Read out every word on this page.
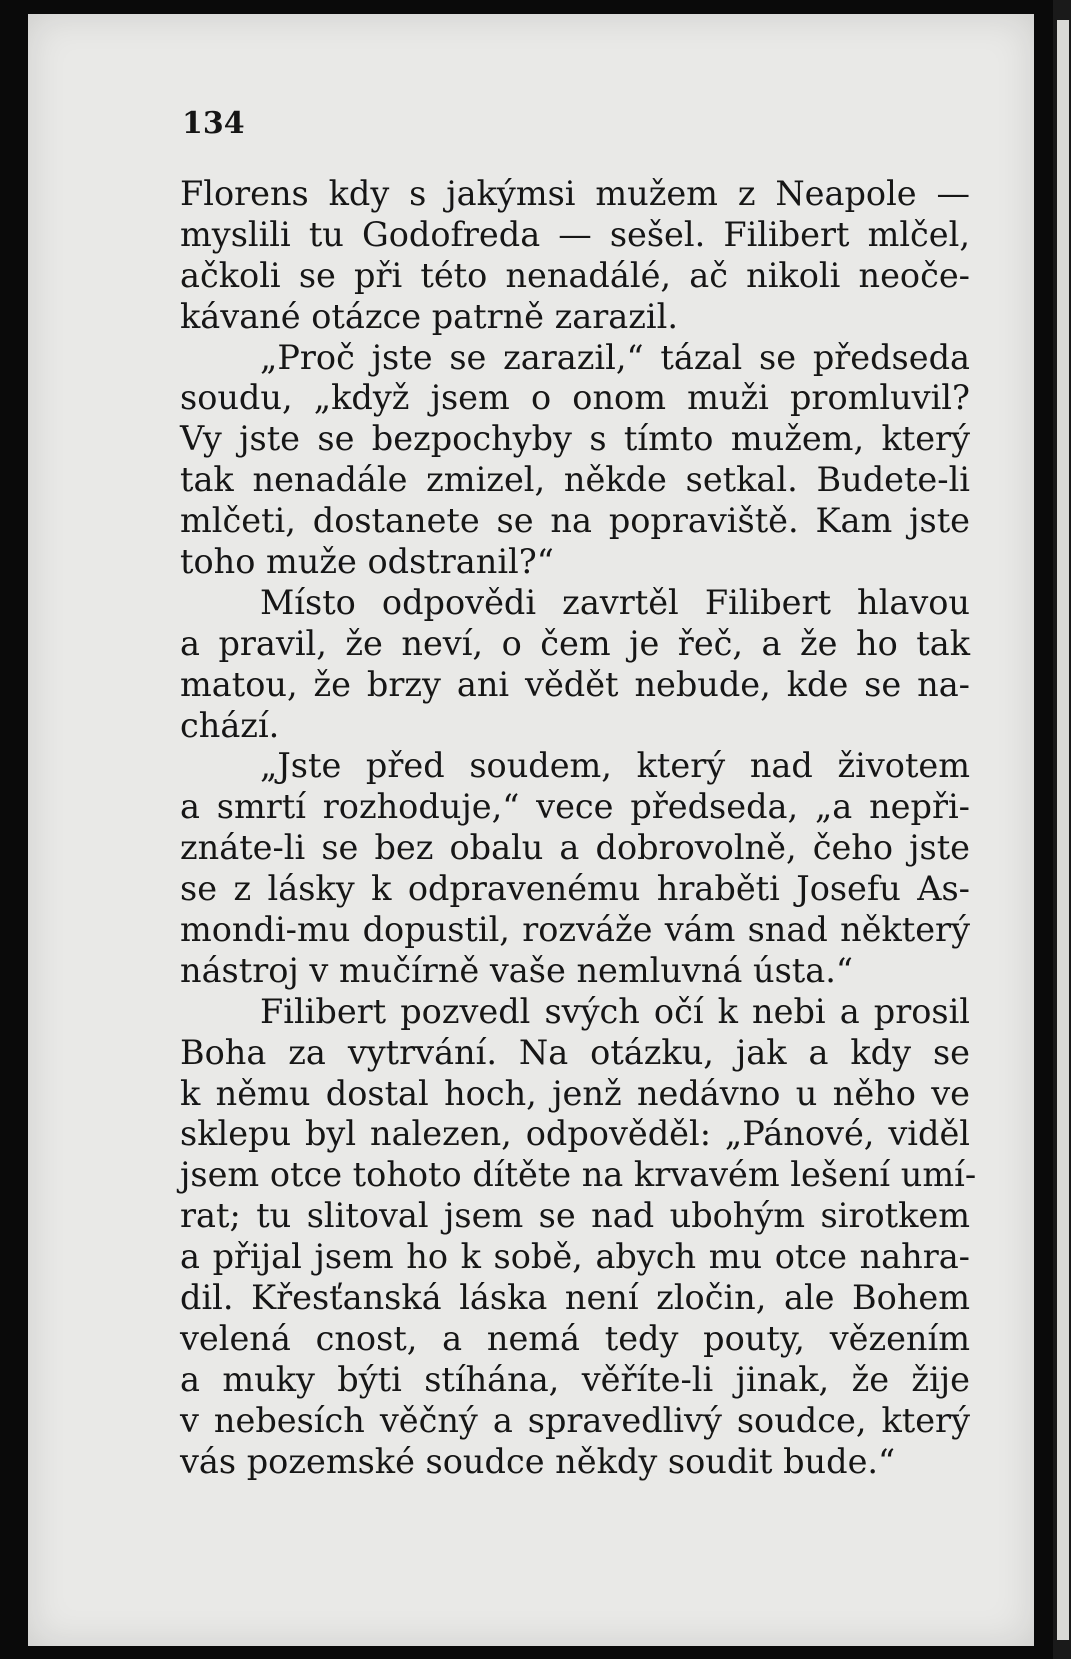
134
Florens kdy s jakýmsi mužem z Neapole —
myslili tu Godofreda — sešel. Filibert mlčel,
ačkoli se při této nenadálé, ač nikoli neoče-
kávané otázce patrně zarazil.
„Proč jste se zarazil,“ tázal se předseda
soudu, „když jsem o onom muži promluvil?
Vy jste se bezpochyby s tímto mužem, který
tak nenadále zmizel, někde setkal. Budete-li
mlčeti, dostanete se na popraviště. Kam jste
toho muže odstranil?“
Místo odpovědi zavrtěl Filibert hlavou
a pravil, že neví, o čem je řeč, a že ho tak
matou, že brzy ani vědět nebude, kde se na-
chází.
„Jste před soudem, který nad životem
a smrtí rozhoduje,“ vece předseda, „a nepři-
znáte-li se bez obalu a dobrovolně, čeho jste
se z lásky k odpravenému hraběti Josefu As-
mondi-mu dopustil, rozváže vám snad některý
nástroj v mučírně vaše nemluvná ústa.“
Filibert pozvedl svých očí k nebi a prosil
Boha za vytrvání. Na otázku, jak a kdy se
k němu dostal hoch, jenž nedávno u něho ve
sklepu byl nalezen, odpověděl: „Pánové, viděl
jsem otce tohoto dítěte na krvavém lešení umí-
rat; tu slitoval jsem se nad ubohým sirotkem
a přijal jsem ho k sobě, abych mu otce nahra-
dil. Křesťanská láska není zločin, ale Bohem
velená cnost, a nemá tedy pouty, vězením
a muky býti stíhána, věříte-li jinak, že žije
v nebesích věčný a spravedlivý soudce, který
vás pozemské soudce někdy soudit bude.“
